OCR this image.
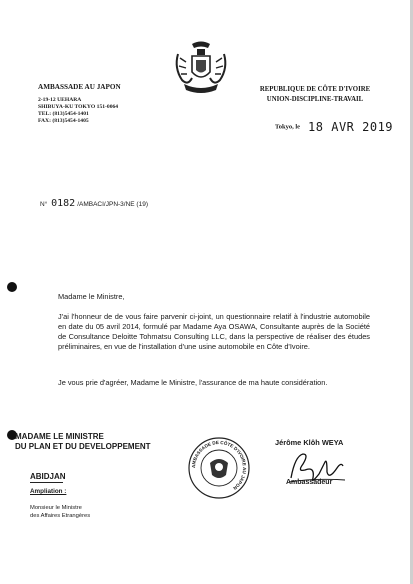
AMBASSADE AU JAPON
2-19-12 UEHARA
SHIBUYA-KU TOKYO 151-0064
TEL: (813)5454-1401
FAX: (813)5454-1405
REPUBLIQUE DE CÔTE D'IVOIRE
UNION-DISCIPLINE-TRAVAIL
Tokyo, le 18 AVR 2019
N° 0182 /AMBACI/JPN-3/NE (19)
Madame le Ministre,
J'ai l'honneur de de vous faire parvenir ci-joint, un questionnaire relatif à l'industrie automobile en date du 05 avril 2014, formulé par Madame Aya OSAWA, Consultante auprès de la Société de Consultance Deloitte Tohmatsu Consulting LLC, dans la perspective de réaliser des études préliminaires, en vue de l'installation d'une usine automobile en Côte d'Ivoire.
Je vous prie d'agréer, Madame le Ministre, l'assurance de ma haute considération.
MADAME LE MINISTRE
DU PLAN ET DU DEVELOPPEMENT
ABIDJAN
Ampliation :
Monsieur le Ministre
des Affaires Etrangères
AMBASSADE DE CÔTE D'IVOIRE AU JAPON
Jérôme Klôh WEYA
Ambassadeur
